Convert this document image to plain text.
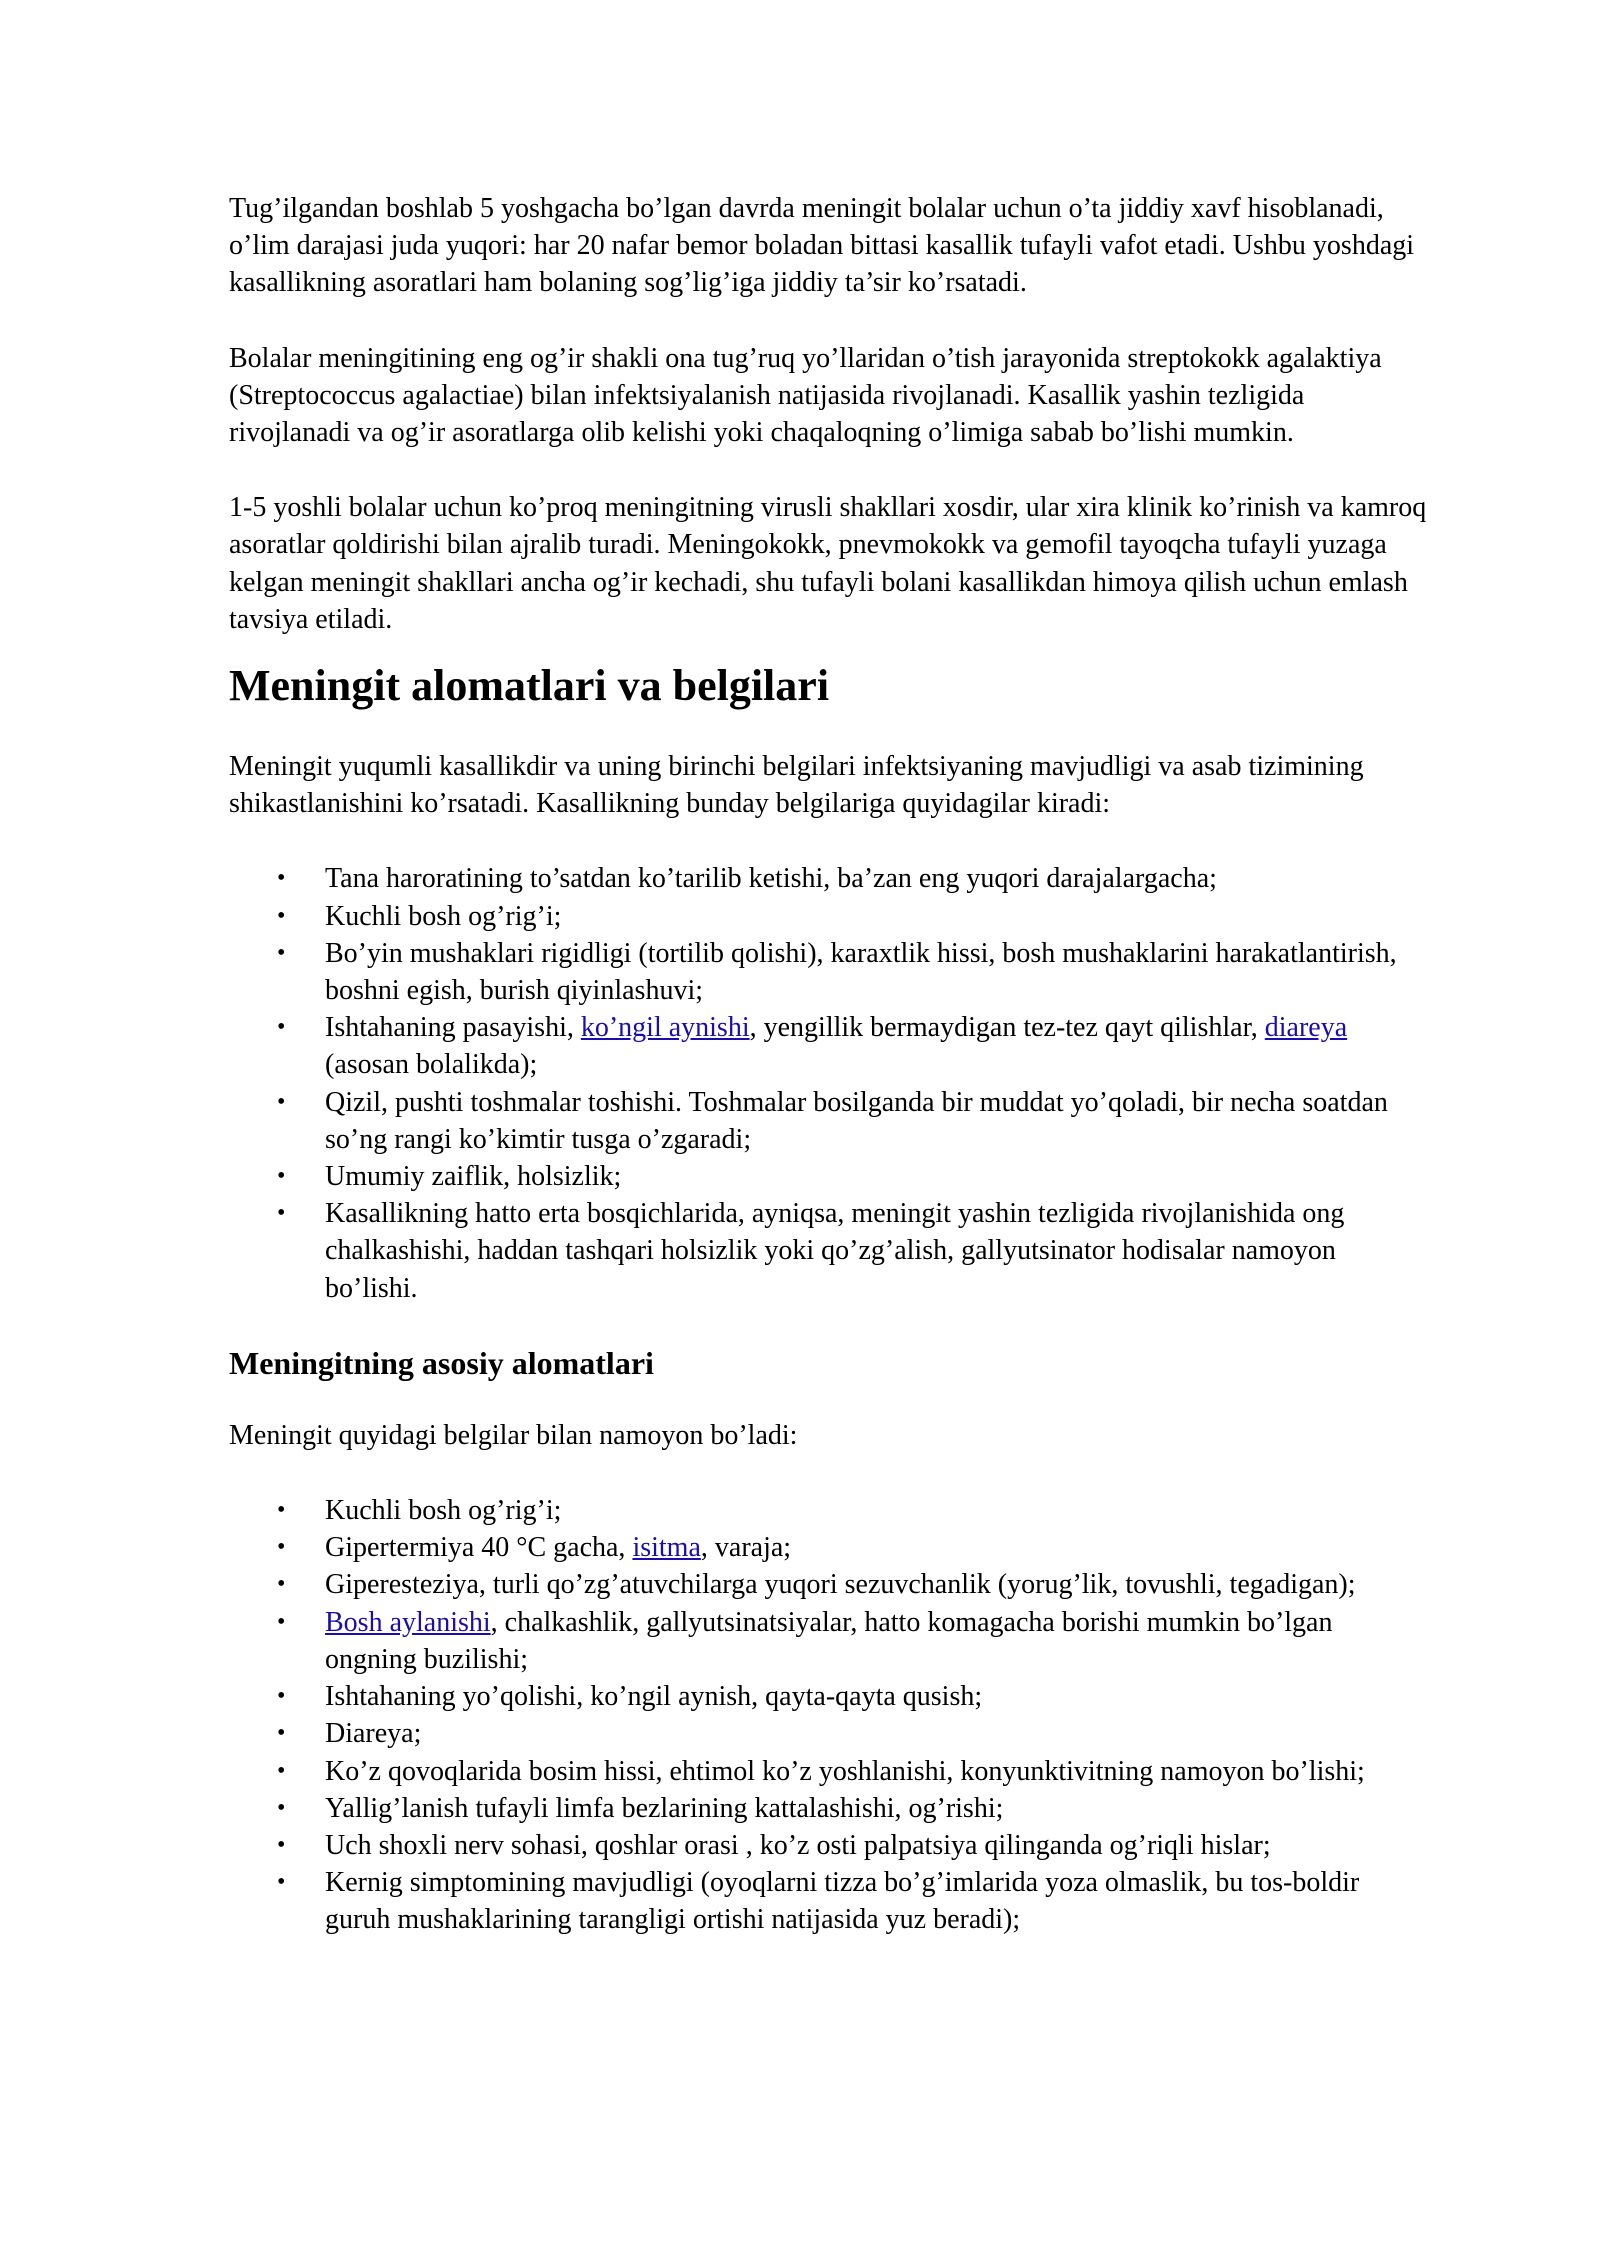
Tug’ilgandan boshlab 5 yoshgacha bo’lgan davrda meningit bolalar uchun o’ta jiddiy xavf hisoblanadi, o’lim darajasi juda yuqori: har 20 nafar bemor boladan bittasi kasallik tufayli vafot etadi. Ushbu yoshdagi kasallikning asoratlari ham bolaning sog’lig’iga jiddiy ta’sir ko’rsatadi.

Bolalar meningitining eng og’ir shakli ona tug’ruq yo’llaridan o’tish jarayonida streptokokk agalaktiya (Streptococcus agalactiae) bilan infektsiyalanish natijasida rivojlanadi. Kasallik yashin tezligida rivojlanadi va og’ir asoratlarga olib kelishi yoki chaqaloqning o’limiga sabab bo’lishi mumkin.

1-5 yoshli bolalar uchun ko’proq meningitning virusli shakllari xosdir, ular xira klinik ko’rinish va kamroq asoratlar qoldirishi bilan ajralib turadi. Meningokokk, pnevmokokk va gemofil tayoqcha tufayli yuzaga kelgan meningit shakllari ancha og’ir kechadi, shu tufayli bolani kasallikdan himoya qilish uchun emlash tavsiya etiladi.

Meningit alomatlari va belgilari

Meningit yuqumli kasallikdir va uning birinchi belgilari infektsiyaning mavjudligi va asab tizimining shikastlanishini ko’rsatadi. Kasallikning bunday belgilariga quyidagilar kiradi:

• Tana haroratining to’satdan ko’tarilib ketishi, ba’zan eng yuqori darajalargacha;
• Kuchli bosh og’rig’i;
• Bo’yin mushaklari rigidligi (tortilib qolishi), karaxtlik hissi, bosh mushaklarini harakatlantirish, boshni egish, burish qiyinlashuvi;
• Ishtahaning pasayishi, ko’ngil aynishi, yengillik bermaydigan tez-tez qayt qilishlar, diareya (asosan bolalikda);
• Qizil, pushti toshmalar toshishi. Toshmalar bosilganda bir muddat yo’qoladi, bir necha soatdan so’ng rangi ko’kimtir tusga o’zgaradi;
• Umumiy zaiflik, holsizlik;
• Kasallikning hatto erta bosqichlarida, ayniqsa, meningit yashin tezligida rivojlanishida ong chalkashishi, haddan tashqari holsizlik yoki qo’zg’alish, gallyutsinator hodisalar namoyon bo’lishi.
Meningitning asosiy alomatlari

Meningit quyidagi belgilar bilan namoyon bo’ladi:

• Kuchli bosh og’rig’i;
• Gipertermiya 40 °C gacha, isitma, varaja;
• Giperesteziya, turli qo’zg’atuvchilarga yuqori sezuvchanlik (yorug’lik, tovushli, tegadigan);
• Bosh aylanishi, chalkashlik, gallyutsinatsiyalar, hatto komagacha borishi mumkin bo’lgan ongning buzilishi;
• Ishtahaning yo’qolishi, ko’ngil aynish, qayta-qayta qusish;
• Diareya;
• Ko’z qovoqlarida bosim hissi, ehtimol ko’z yoshlanishi, konyunktivitning namoyon bo’lishi;
• Yallig’lanish tufayli limfa bezlarining kattalashishi, og’rishi;
• Uch shoxli nerv sohasi, qoshlar orasi , ko’z osti palpatsiya qilinganda og’riqli hislar;
• Kernig simptomining mavjudligi (oyoqlarni tizza bo’g’imlarida yoza olmaslik, bu tos-boldir guruh mushaklarining tarangligi ortishi natijasida yuz beradi);
